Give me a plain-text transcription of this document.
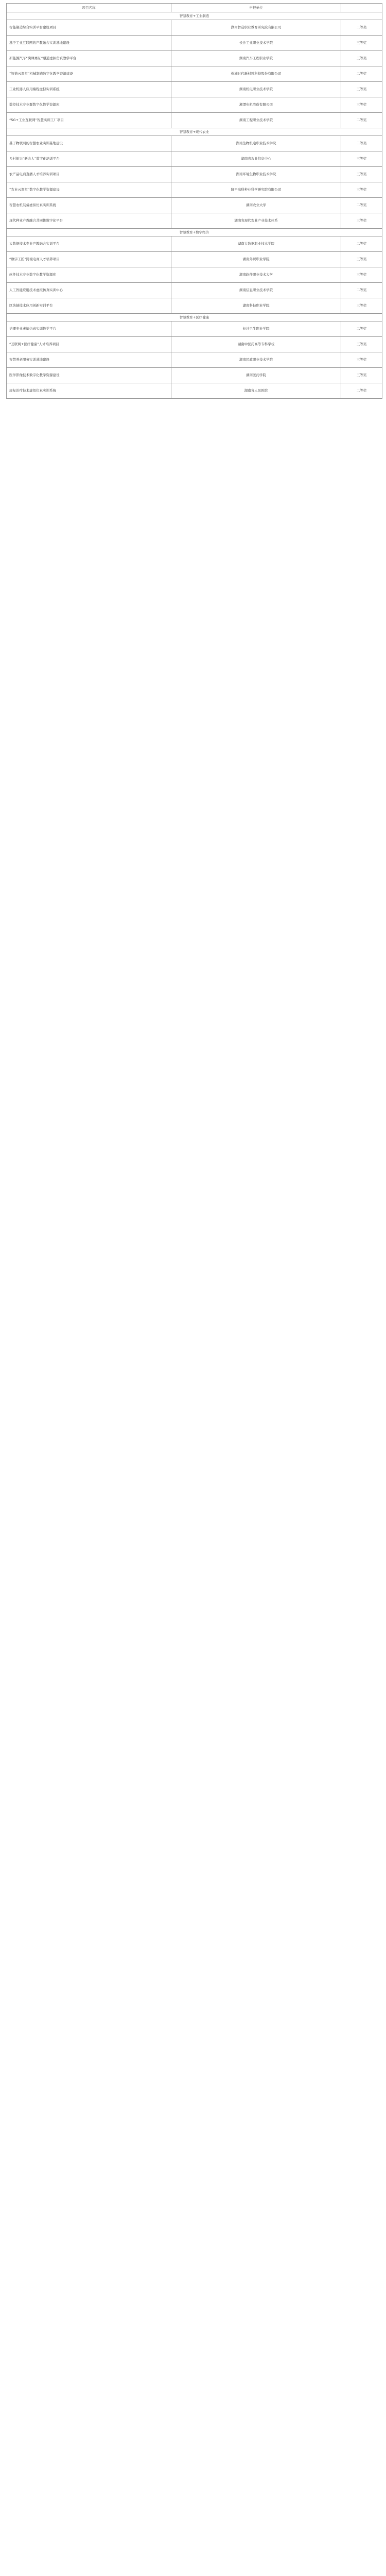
项目名称	申报单位	
智慧教育+工业制造		
智能制造综合实训平台建设项目	湖南智造职业教育研究院有限公司	二等奖
基于工业互联网的产教融合实训基地建设	长沙工业职业技术学院	三等奖
新能源汽车“岗课赛证”融通虚拟仿真教学平台	湖南汽车工程职业学院	三等奖
“智造云课堂”机械制造数字化教学资源建设	株洲时代新材料科技股份有限公司	二等奖
工业机器人应用编程虚拟实训系统	湖南机电职业技术学院	三等奖
数控技术专业群数字化教学资源库	湘潭电机股份有限公司	三等奖
“5G+工业互联网”智慧实训工厂项目	湖南工程职业技术学院	二等奖
智慧教育+现代农业		
基于物联网的智慧农业实训基地建设	湖南生物机电职业技术学院	二等奖
乡村振兴“新农人”数字化培训平台	湖南省农业信息中心	三等奖
农产品电商直播人才培养实训项目	湖南环境生物职业技术学院	三等奖
“农业云课堂”数字化教学资源建设	隆平高科种业科学研究院有限公司	三等奖
智慧农机装备虚拟仿真实训系统	湖南农业大学	二等奖
现代种业产教融合共同体数字化平台	湖南省现代农业产业技术体系	三等奖
智慧教育+数字经济		
大数据技术专业产教融合实训平台	湖南大数据职业技术学院	二等奖
“数字工匠”跨境电商人才培养项目	湖南外贸职业学院	三等奖
软件技术专业数字化教学资源库	湖南软件职业技术大学	三等奖
人工智能应用技术虚拟仿真实训中心	湖南信息职业技术学院	二等奖
区块链技术应用创新实训平台	湖南科技职业学院	三等奖
智慧教育+医疗健康		
护理专业虚拟仿真实训教学平台	长沙卫生职业学院	二等奖
“互联网+医疗健康”人才培养项目	湖南中医药高等专科学校	三等奖
智慧养老服务实训基地建设	湖南民政职业技术学院	三等奖
医学影像技术数字化教学资源建设	湖南医药学院	三等奖
康复治疗技术虚拟仿真实训系统	湖南省人民医院	二等奖
